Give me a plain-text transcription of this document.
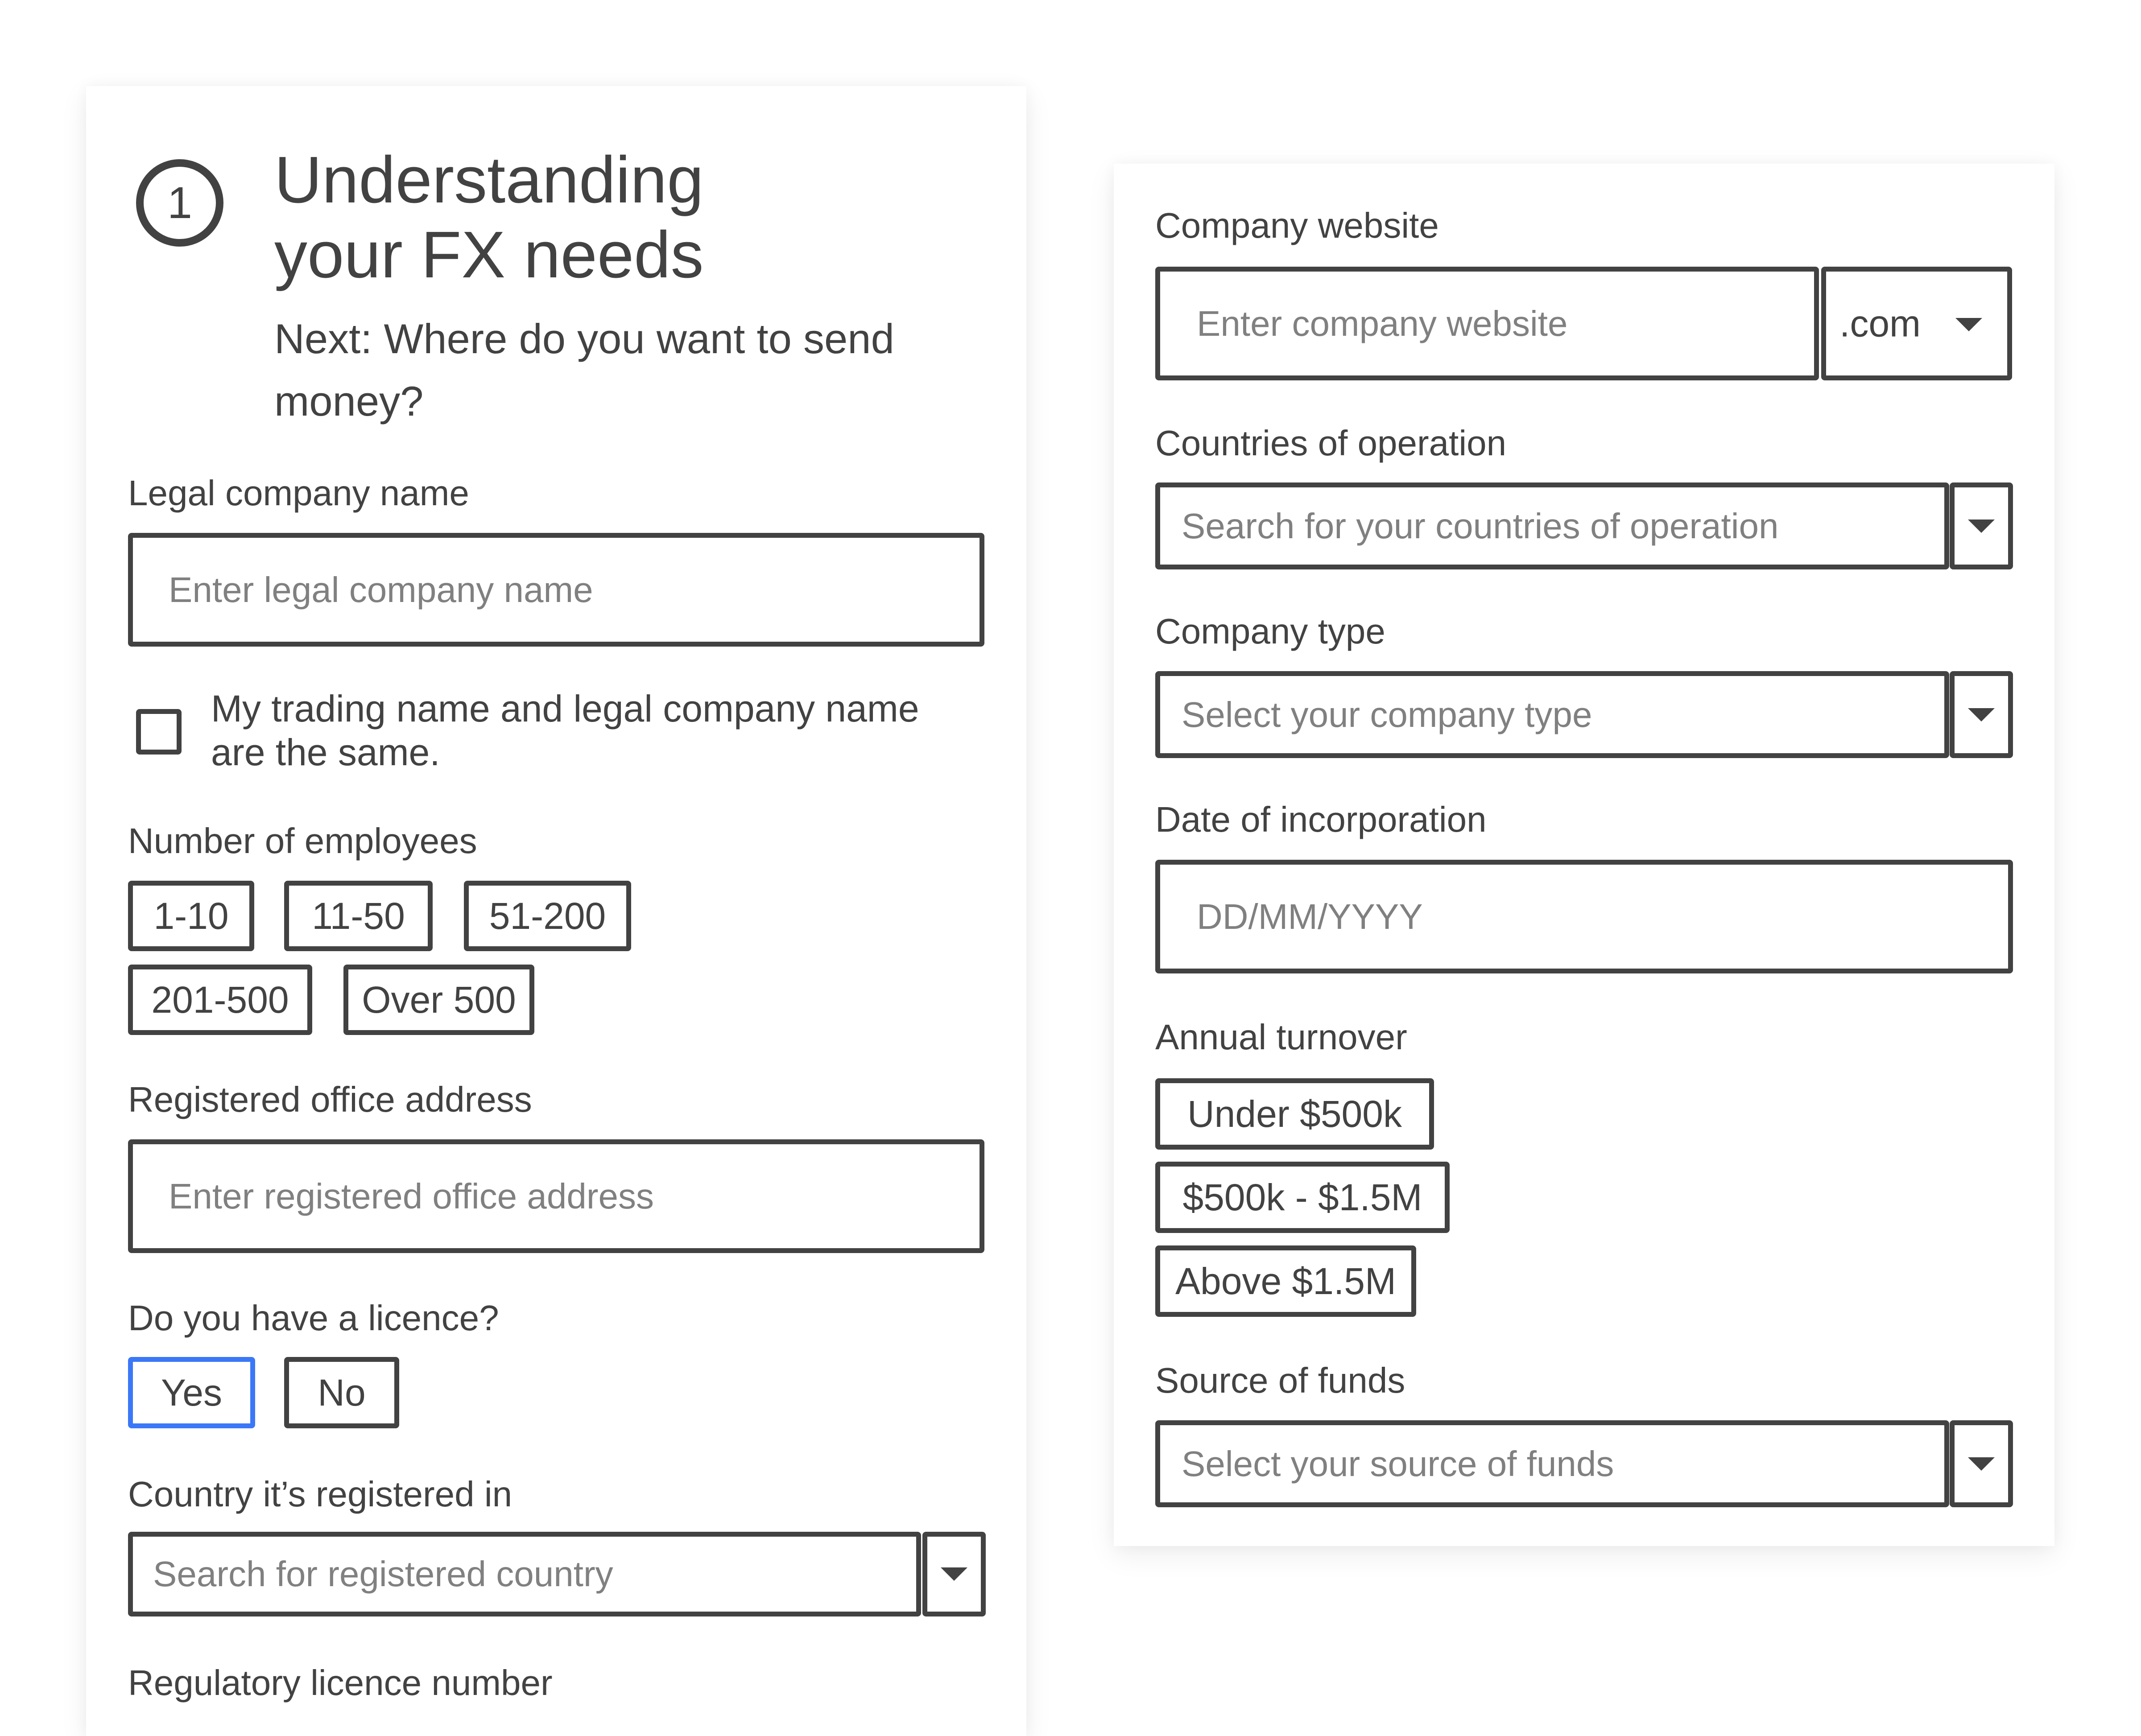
1 Understanding
your FX needs
Next: Where do you want to send money?
Legal company name
Enter legal company name
My trading name and legal company name are the same.
Number of employees
1-10	11-50	51-200
201-500	Over 500
Registered office address
Enter registered office address
Do you have a licence?
Yes	No
Country it’s registered in
Search for registered country
Regulatory licence number
Company website
Enter company website	.com
Countries of operation
Search for your countries of operation
Company type
Select your company type
Date of incorporation
DD/MM/YYYY
Annual turnover
Under $500k
$500k - $1.5M
Above $1.5M
Source of funds
Select your source of funds
